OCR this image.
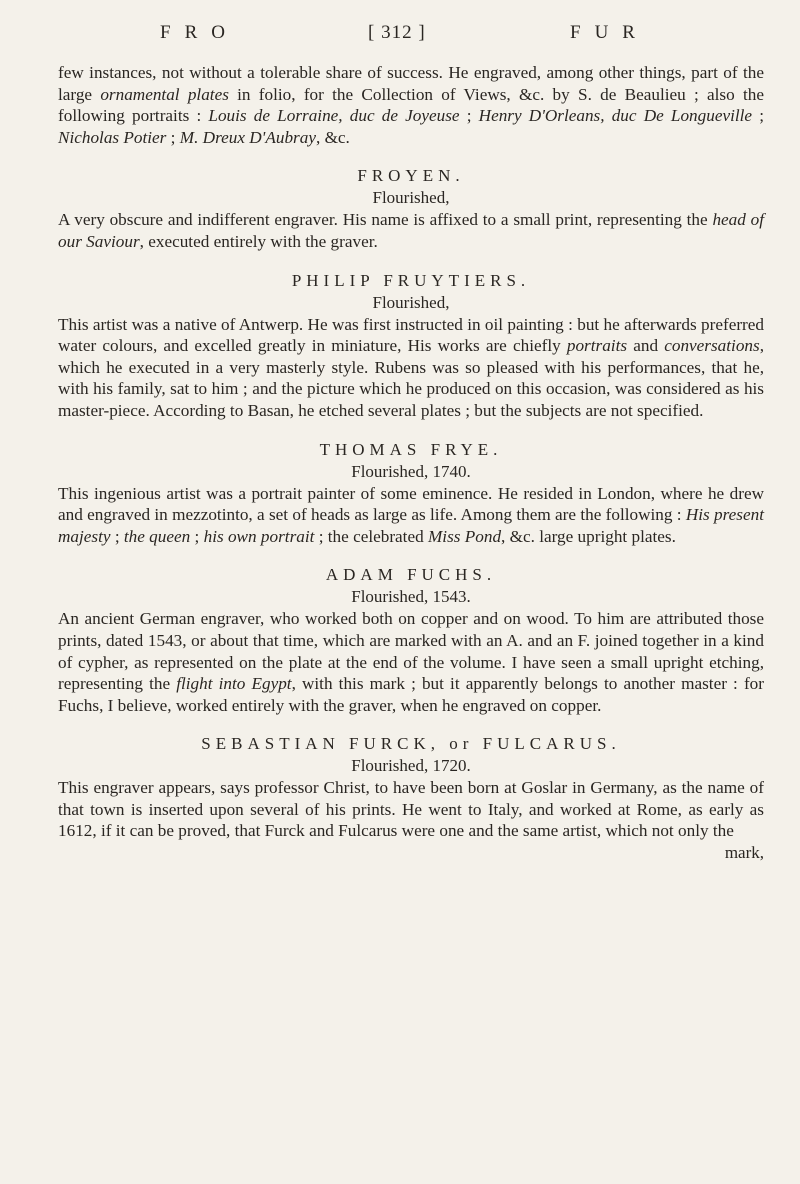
FRO	[ 312 ]	FUR

few instances, not without a tolerable share of success. He engraved, among other things, part of the large ornamental plates in folio, for the Collection of Views, &c. by S. de Beaulieu ; also the following portraits : Louis de Lorraine, duc de Joyeuse ; Henry D'Orleans, duc De Longueville ; Nicholas Potier ; M. Dreux D'Aubray, &c.

FROYEN.
Flourished,

A very obscure and indifferent engraver. His name is affixed to a small print, representing the head of our Saviour, executed entirely with the graver.

PHILIP FRUYTIERS.
Flourished,

This artist was a native of Antwerp. He was first instructed in oil painting : but he afterwards preferred water colours, and excelled greatly in miniature, His works are chiefly portraits and conversations, which he executed in a very masterly style. Rubens was so pleased with his performances, that he, with his family, sat to him ; and the picture which he produced on this occasion, was considered as his master-piece. According to Basan, he etched several plates ; but the subjects are not specified.

THOMAS FRYE.
Flourished, 1740.

This ingenious artist was a portrait painter of some eminence. He resided in London, where he drew and engraved in mezzotinto, a set of heads as large as life. Among them are the following : His present majesty ; the queen ; his own portrait ; the celebrated Miss Pond, &c. large upright plates.

ADAM FUCHS.
Flourished, 1543.

An ancient German engraver, who worked both on copper and on wood. To him are attributed those prints, dated 1543, or about that time, which are marked with an A. and an F. joined together in a kind of cypher, as represented on the plate at the end of the volume. I have seen a small upright etching, representing the flight into Egypt, with this mark ; but it apparently belongs to another master : for Fuchs, I believe, worked entirely with the graver, when he engraved on copper.

SEBASTIAN FURCK, or FULCARUS.
Flourished, 1720.

This engraver appears, says professor Christ, to have been born at Goslar in Germany, as the name of that town is inserted upon several of his prints. He went to Italy, and worked at Rome, as early as 1612, if it can be proved, that Furck and Fulcarus were one and the same artist, which not only the

mark,
